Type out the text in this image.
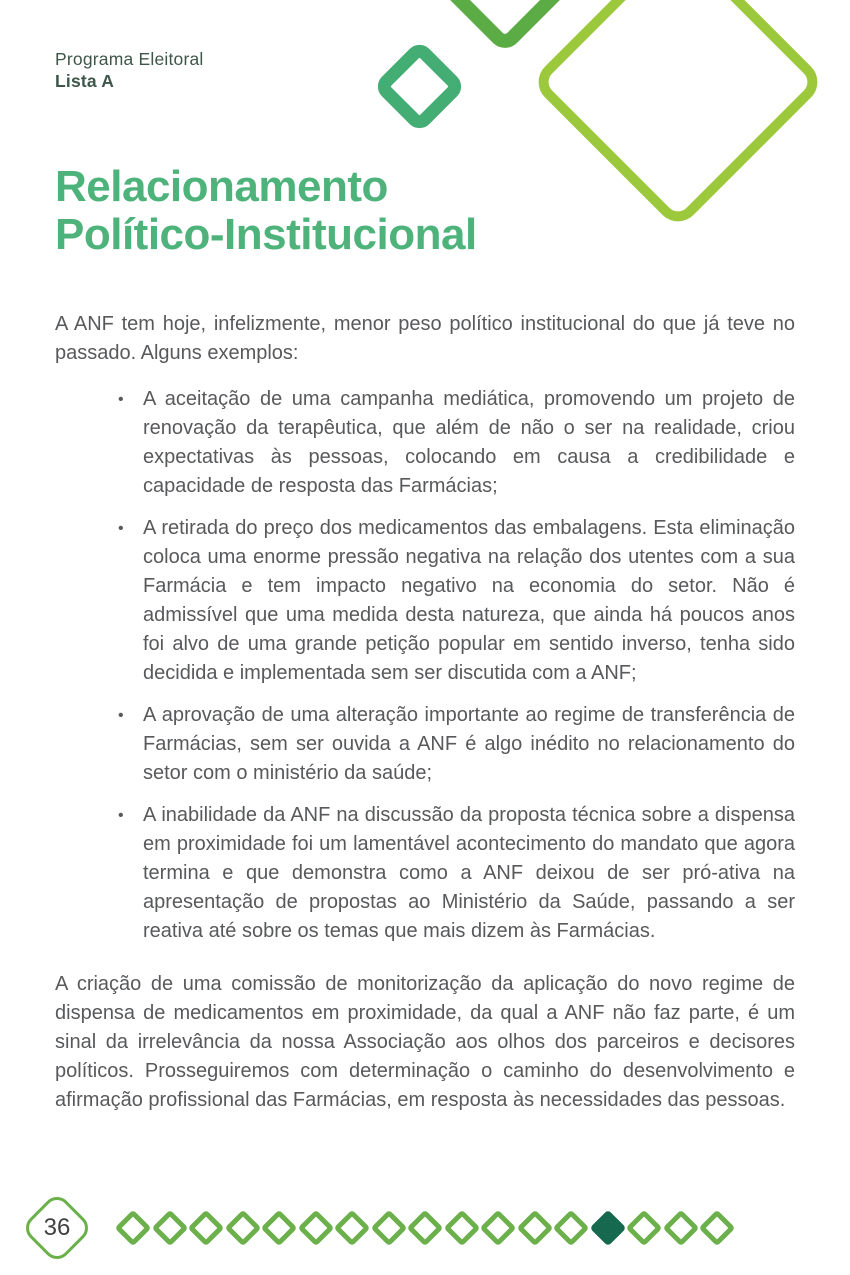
Programa Eleitoral
Lista A
Relacionamento
Político-Institucional

A ANF tem hoje, infelizmente, menor peso político institucional do que já teve no passado. Alguns exemplos:

• A aceitação de uma campanha mediática, promovendo um projeto de renovação da terapêutica, que além de não o ser na realidade, criou expectativas às pessoas, colocando em causa a credibilidade e capacidade de resposta das Farmácias;

• A retirada do preço dos medicamentos das embalagens. Esta eliminação coloca uma enorme pressão negativa na relação dos utentes com a sua Farmácia e tem impacto negativo na economia do setor. Não é admissível que uma medida desta natureza, que ainda há poucos anos foi alvo de uma grande petição popular em sentido inverso, tenha sido decidida e implementada sem ser discutida com a ANF;

• A aprovação de uma alteração importante ao regime de transferência de Farmácias, sem ser ouvida a ANF é algo inédito no relacionamento do setor com o ministério da saúde;

• A inabilidade da ANF na discussão da proposta técnica sobre a dispensa em proximidade foi um lamentável acontecimento do mandato que agora termina e que demonstra como a ANF deixou de ser pró-ativa na apresentação de propostas ao Ministério da Saúde, passando a ser reativa até sobre os temas que mais dizem às Farmácias.

A criação de uma comissão de monitorização da aplicação do novo regime de dispensa de medicamentos em proximidade, da qual a ANF não faz parte, é um sinal da irrelevância da nossa Associação aos olhos dos parceiros e decisores políticos. Prosseguiremos com determinação o caminho do desenvolvimento e afirmação profissional das Farmácias, em resposta às necessidades das pessoas.

36
